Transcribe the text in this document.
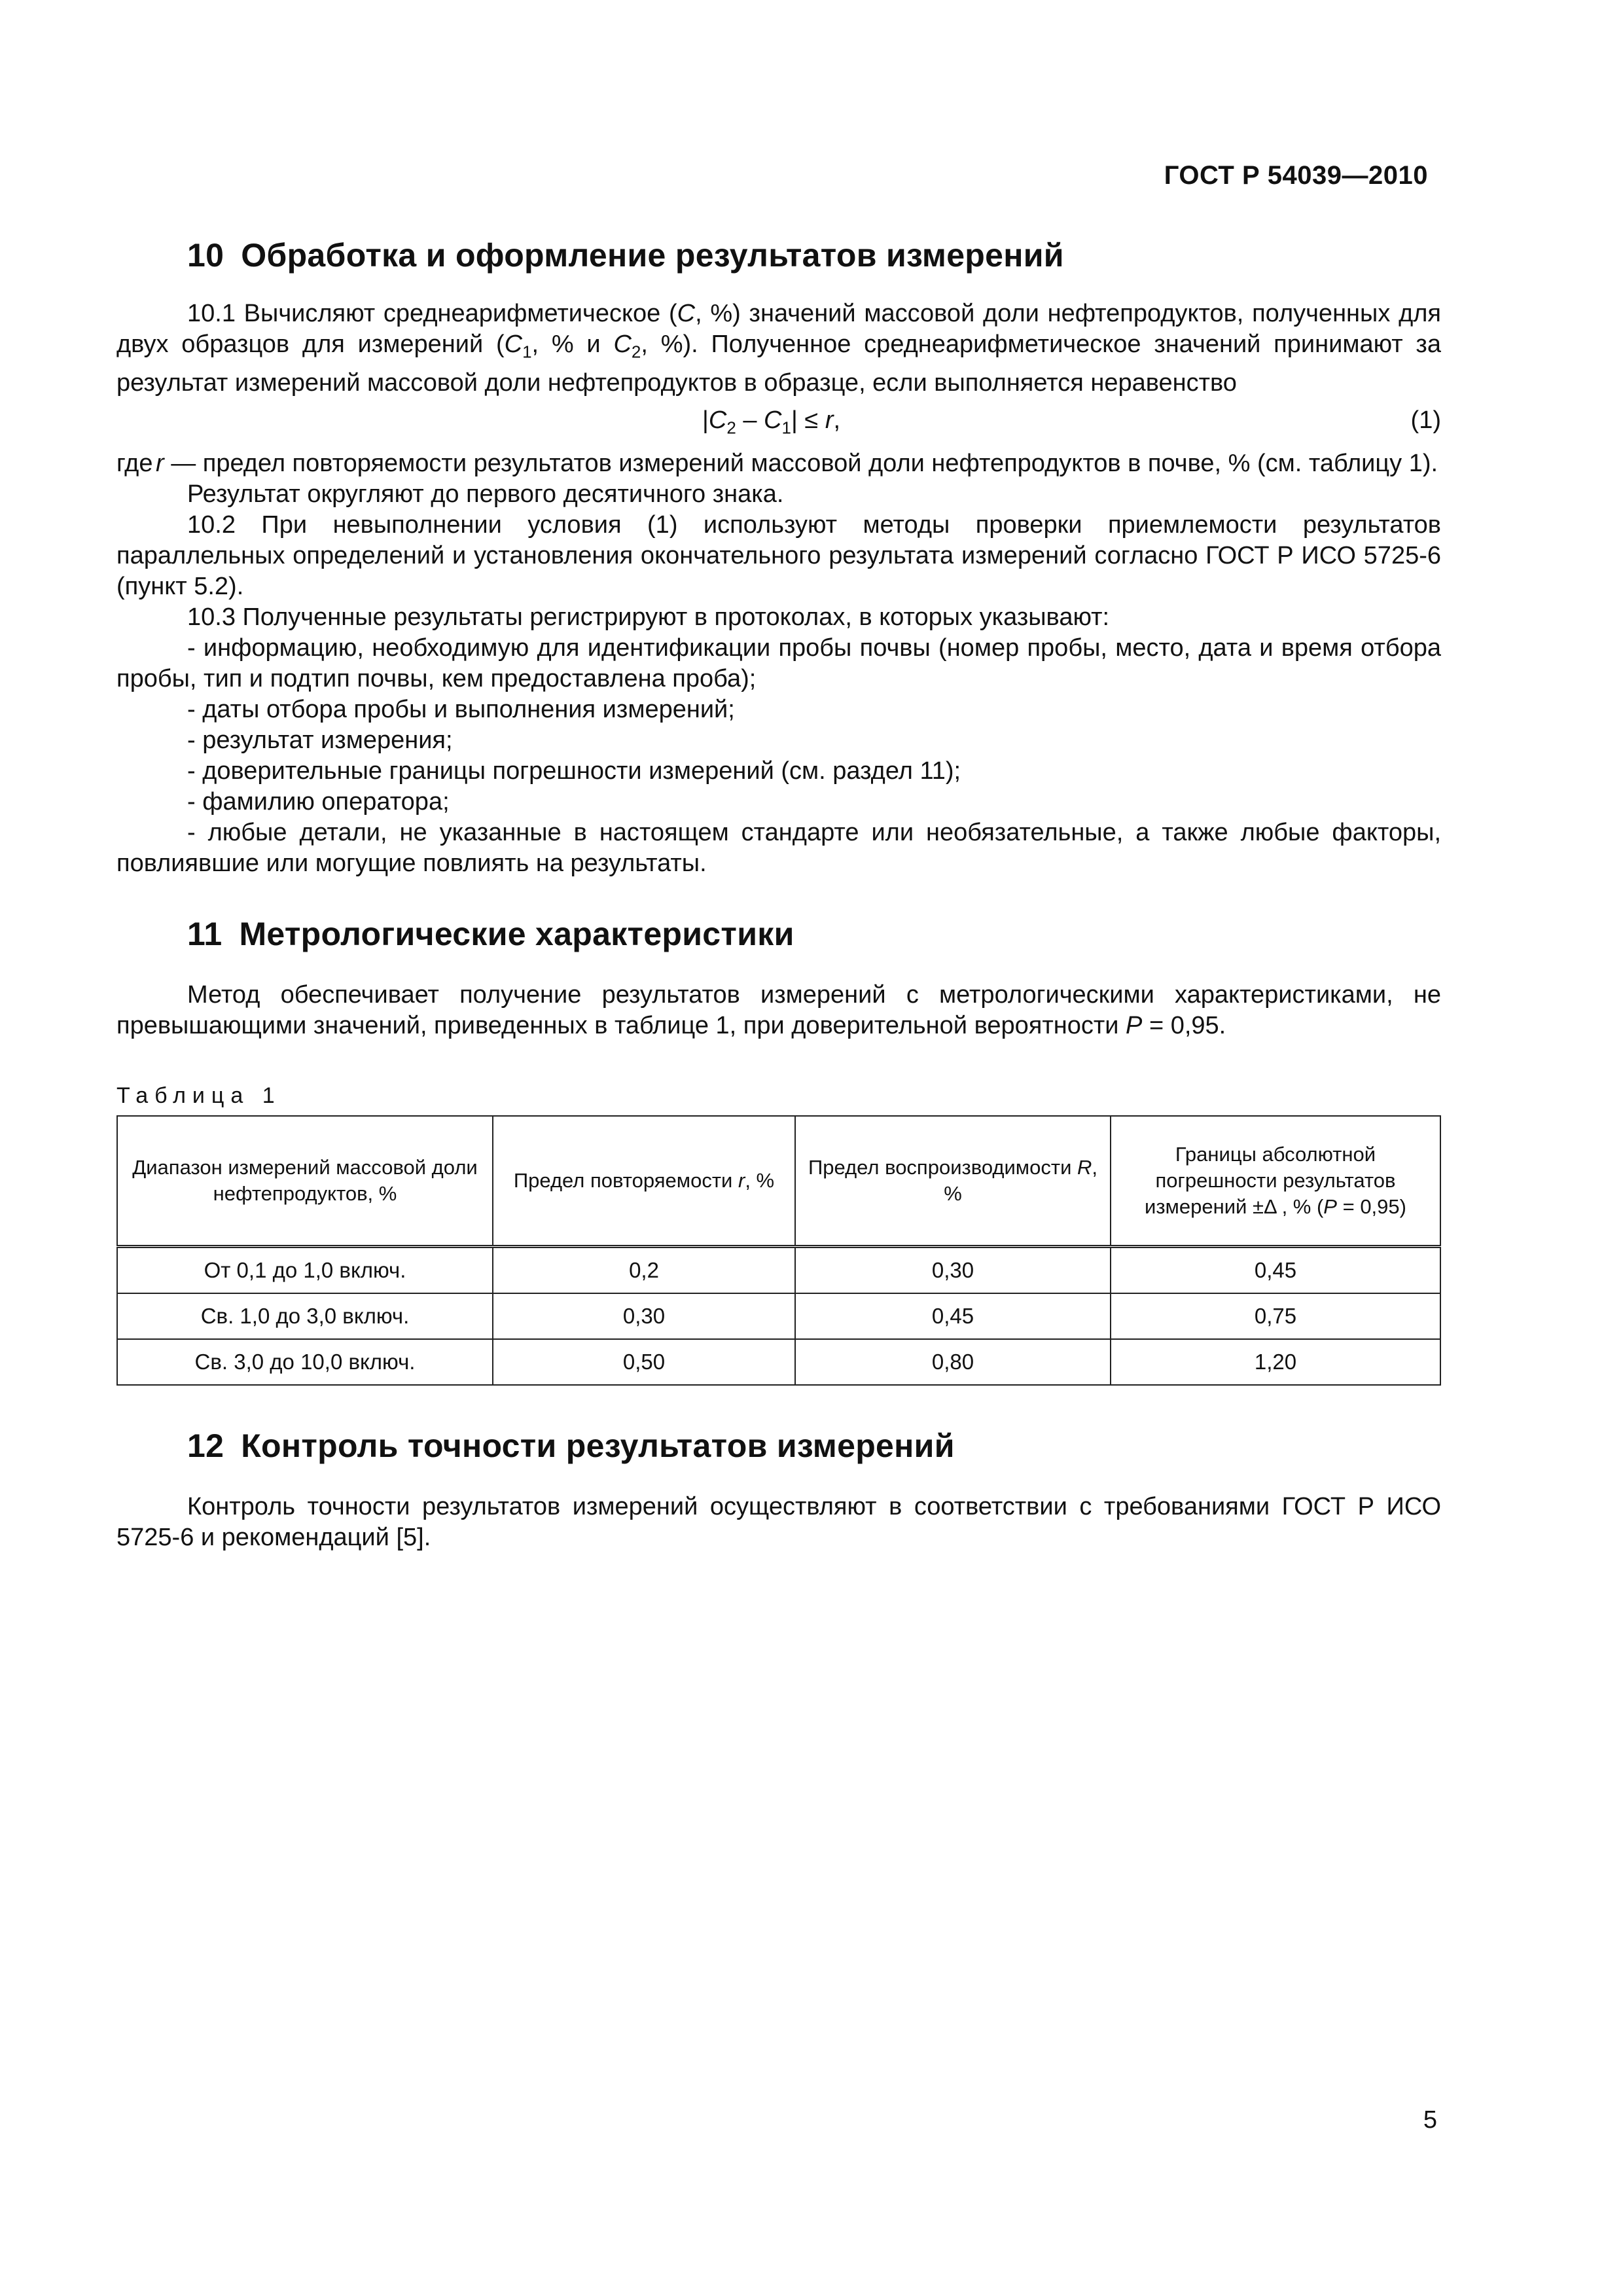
ГОСТ Р 54039—2010
10 Обработка и оформление результатов измерений

10.1 Вычисляют среднеарифметическое (C, %) значений массовой доли нефтепродуктов, полученных для двух образцов для измерений ($C_1$, % и $C_2$, %). Полученное среднеарифметическое значений принимают за результат измерений массовой доли нефтепродуктов в образце, если выполняется неравенство

$|C_2 - C_1| \le r$,	(1)

где r — предел повторяемости результатов измерений массовой доли нефтепродуктов в почве, % (см. таблицу 1).

Результат округляют до первого десятичного знака.

10.2 При невыполнении условия (1) используют методы проверки приемлемости результатов параллельных определений и установления окончательного результата измерений согласно ГОСТ Р ИСО 5725-6 (пункт 5.2).

10.3 Полученные результаты регистрируют в протоколах, в которых указывают:

- информацию, необходимую для идентификации пробы почвы (номер пробы, место, дата и время отбора пробы, тип и подтип почвы, кем предоставлена проба);

- даты отбора пробы и выполнения измерений;

- результат измерения;

- доверительные границы погрешности измерений (см. раздел 11);

- фамилию оператора;

- любые детали, не указанные в настоящем стандарте или необязательные, а также любые факторы, повлиявшие или могущие повлиять на результаты.

11 Метрологические характеристики

Метод обеспечивает получение результатов измерений с метрологическими характеристиками, не превышающими значений, приведенных в таблице 1, при доверительной вероятности P = 0,95.

Таблица 1
Диапазон измерений массовой доли нефтепродуктов, %	Предел повторяемости r, %	Предел воспроизводимости R, %	Границы абсолютной погрешности результатов измерений ±Δ , % (P = 0,95)
От 0,1 до 1,0 включ.	0,2	0,30	0,45
Св. 1,0 до 3,0 включ.	0,30	0,45	0,75
Св. 3,0 до 10,0 включ.	0,50	0,80	1,20
12 Контроль точности результатов измерений

Контроль точности результатов измерений осуществляют в соответствии с требованиями ГОСТ Р ИСО 5725-6 и рекомендаций [5].

5
